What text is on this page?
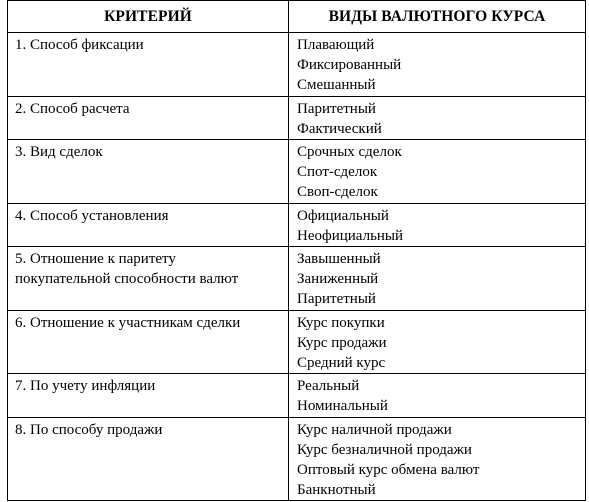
КРИТЕРИЙ	ВИДЫ ВАЛЮТНОГО КУРСА

1. Способ фиксации	Плавающий
Фиксированный
Смешанный

2. Способ расчета	Паритетный
Фактический

3. Вид сделок	Срочных сделок
Спот-сделок
Своп-сделок

4. Способ установления	Официальный
Неофициальный

5. Отношение к паритету
покупательной способности валют	Завышенный
Заниженный
Паритетный

6. Отношение к участникам сделки	Курс покупки
Курс продажи
Средний курс

7. По учету инфляции	Реальный
Номинальный

8. По способу продажи	Курс наличной продажи
Курс безналичной продажи
Оптовый курс обмена валют
Банкнотный
